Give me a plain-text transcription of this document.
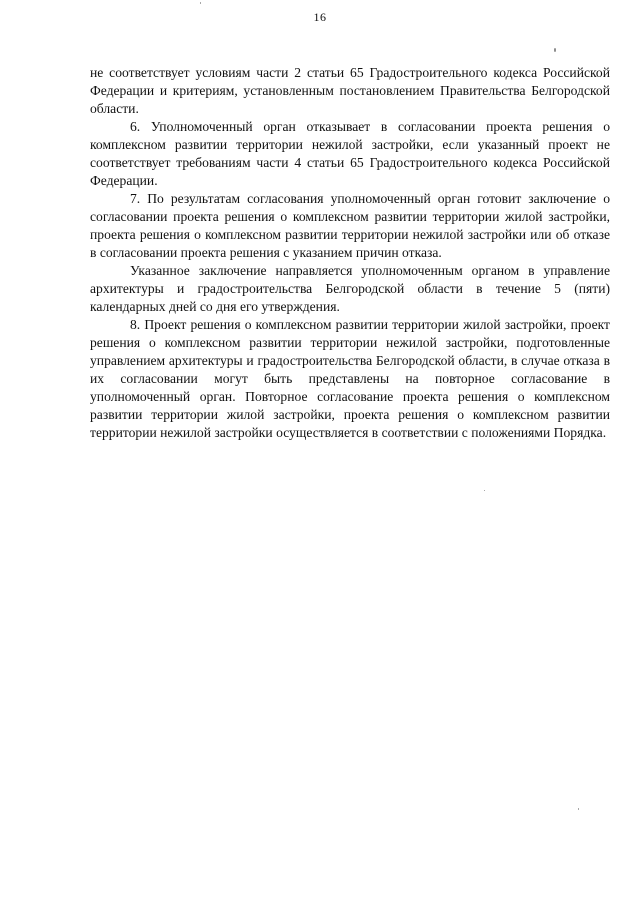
16

не соответствует условиям части 2 статьи 65 Градостроительного кодекса Российской Федерации и критериям, установленным постановлением Правительства Белгородской области.

6. Уполномоченный орган отказывает в согласовании проекта решения о комплексном развитии территории нежилой застройки, если указанный проект не соответствует требованиям части 4 статьи 65 Градостроительного кодекса Российской Федерации.

7. По результатам согласования уполномоченный орган готовит заключение о согласовании проекта решения о комплексном развитии территории жилой застройки, проекта решения о комплексном развитии территории нежилой застройки или об отказе в согласовании проекта решения с указанием причин отказа.

Указанное заключение направляется уполномоченным органом в управление архитектуры и градостроительства Белгородской области в течение 5 (пяти) календарных дней со дня его утверждения.

8. Проект решения о комплексном развитии территории жилой застройки, проект решения о комплексном развитии территории нежилой застройки, подготовленные управлением архитектуры и градостроительства Белгородской области, в случае отказа в их согласовании могут быть представлены на повторное согласование в уполномоченный орган. Повторное согласование проекта решения о комплексном развитии территории жилой застройки, проекта решения о комплексном развитии территории нежилой застройки осуществляется в соответствии с положениями Порядка.
